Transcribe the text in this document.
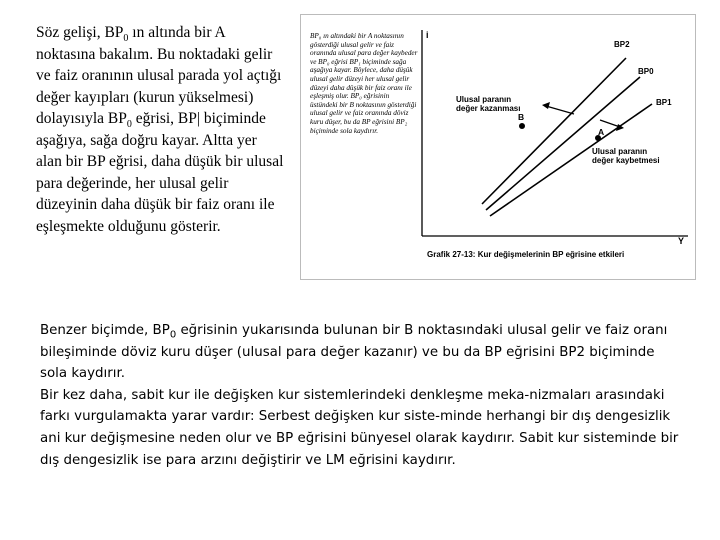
Söz gelişi, $BP_0$ ın altında bir A noktasına bakalım. Bu noktadaki gelir ve faiz oranının ulusal parada yol açtığı değer kayıpları (kurun yükselmesi) dolayısıyla $BP_0$ eğrisi, BP| biçiminde aşağıya, sağa doğru kayar. Altta yer alan bir BP eğrisi, daha düşük bir ulusal para değerinde, her ulusal gelir düzeyinin daha düşük bir faiz oranı ile eşleşmekte olduğunu gösterir.
i
Y
BP2
BP0
BP1
B
A
Ulusal paranın
değer kazanması
Ulusal paranın
değer kaybetmesi
Grafik 27-13: Kur değişmelerinin BP eğrisine etkileri
BP₀ ın altındaki bir A noktasının gösterdiği ulusal gelir ve faiz oranında ulusal para değer kaybeder ve BP₀ eğrisi BP₁ biçiminde sağa aşağıya kayar. Böylece, daha düşük ulusal gelir düzeyi her ulusal gelir düzeyi daha düşük bir faiz oranı ile eşleşmiş olur. BP₀ eğrisinin üstündeki bir B noktasının gösterdiği ulusal gelir ve faiz oranında döviz kuru düşer, bu da BP eğrisini BP₂ biçiminde sola kaydırır.

Benzer biçimde, $BP_0$ eğrisinin yukarısında bulunan bir B noktasındaki ulusal gelir ve faiz oranı bileşiminde döviz kuru düşer (ulusal para değer kazanır) ve bu da BP eğrisini BP2 biçiminde sola kaydırır.

Bir kez daha, sabit kur ile değişken kur sistemlerindeki denkleşme meka-nizmaları arasındaki farkı vurgulamakta yarar vardır: Serbest değişken kur siste-minde herhangi bir dış dengesizlik ani kur değişmesine neden olur ve BP eğrisini bünyesel olarak kaydırır. Sabit kur sisteminde bir dış dengesizlik ise para arzını değiştirir ve LM eğrisini kaydırır.
